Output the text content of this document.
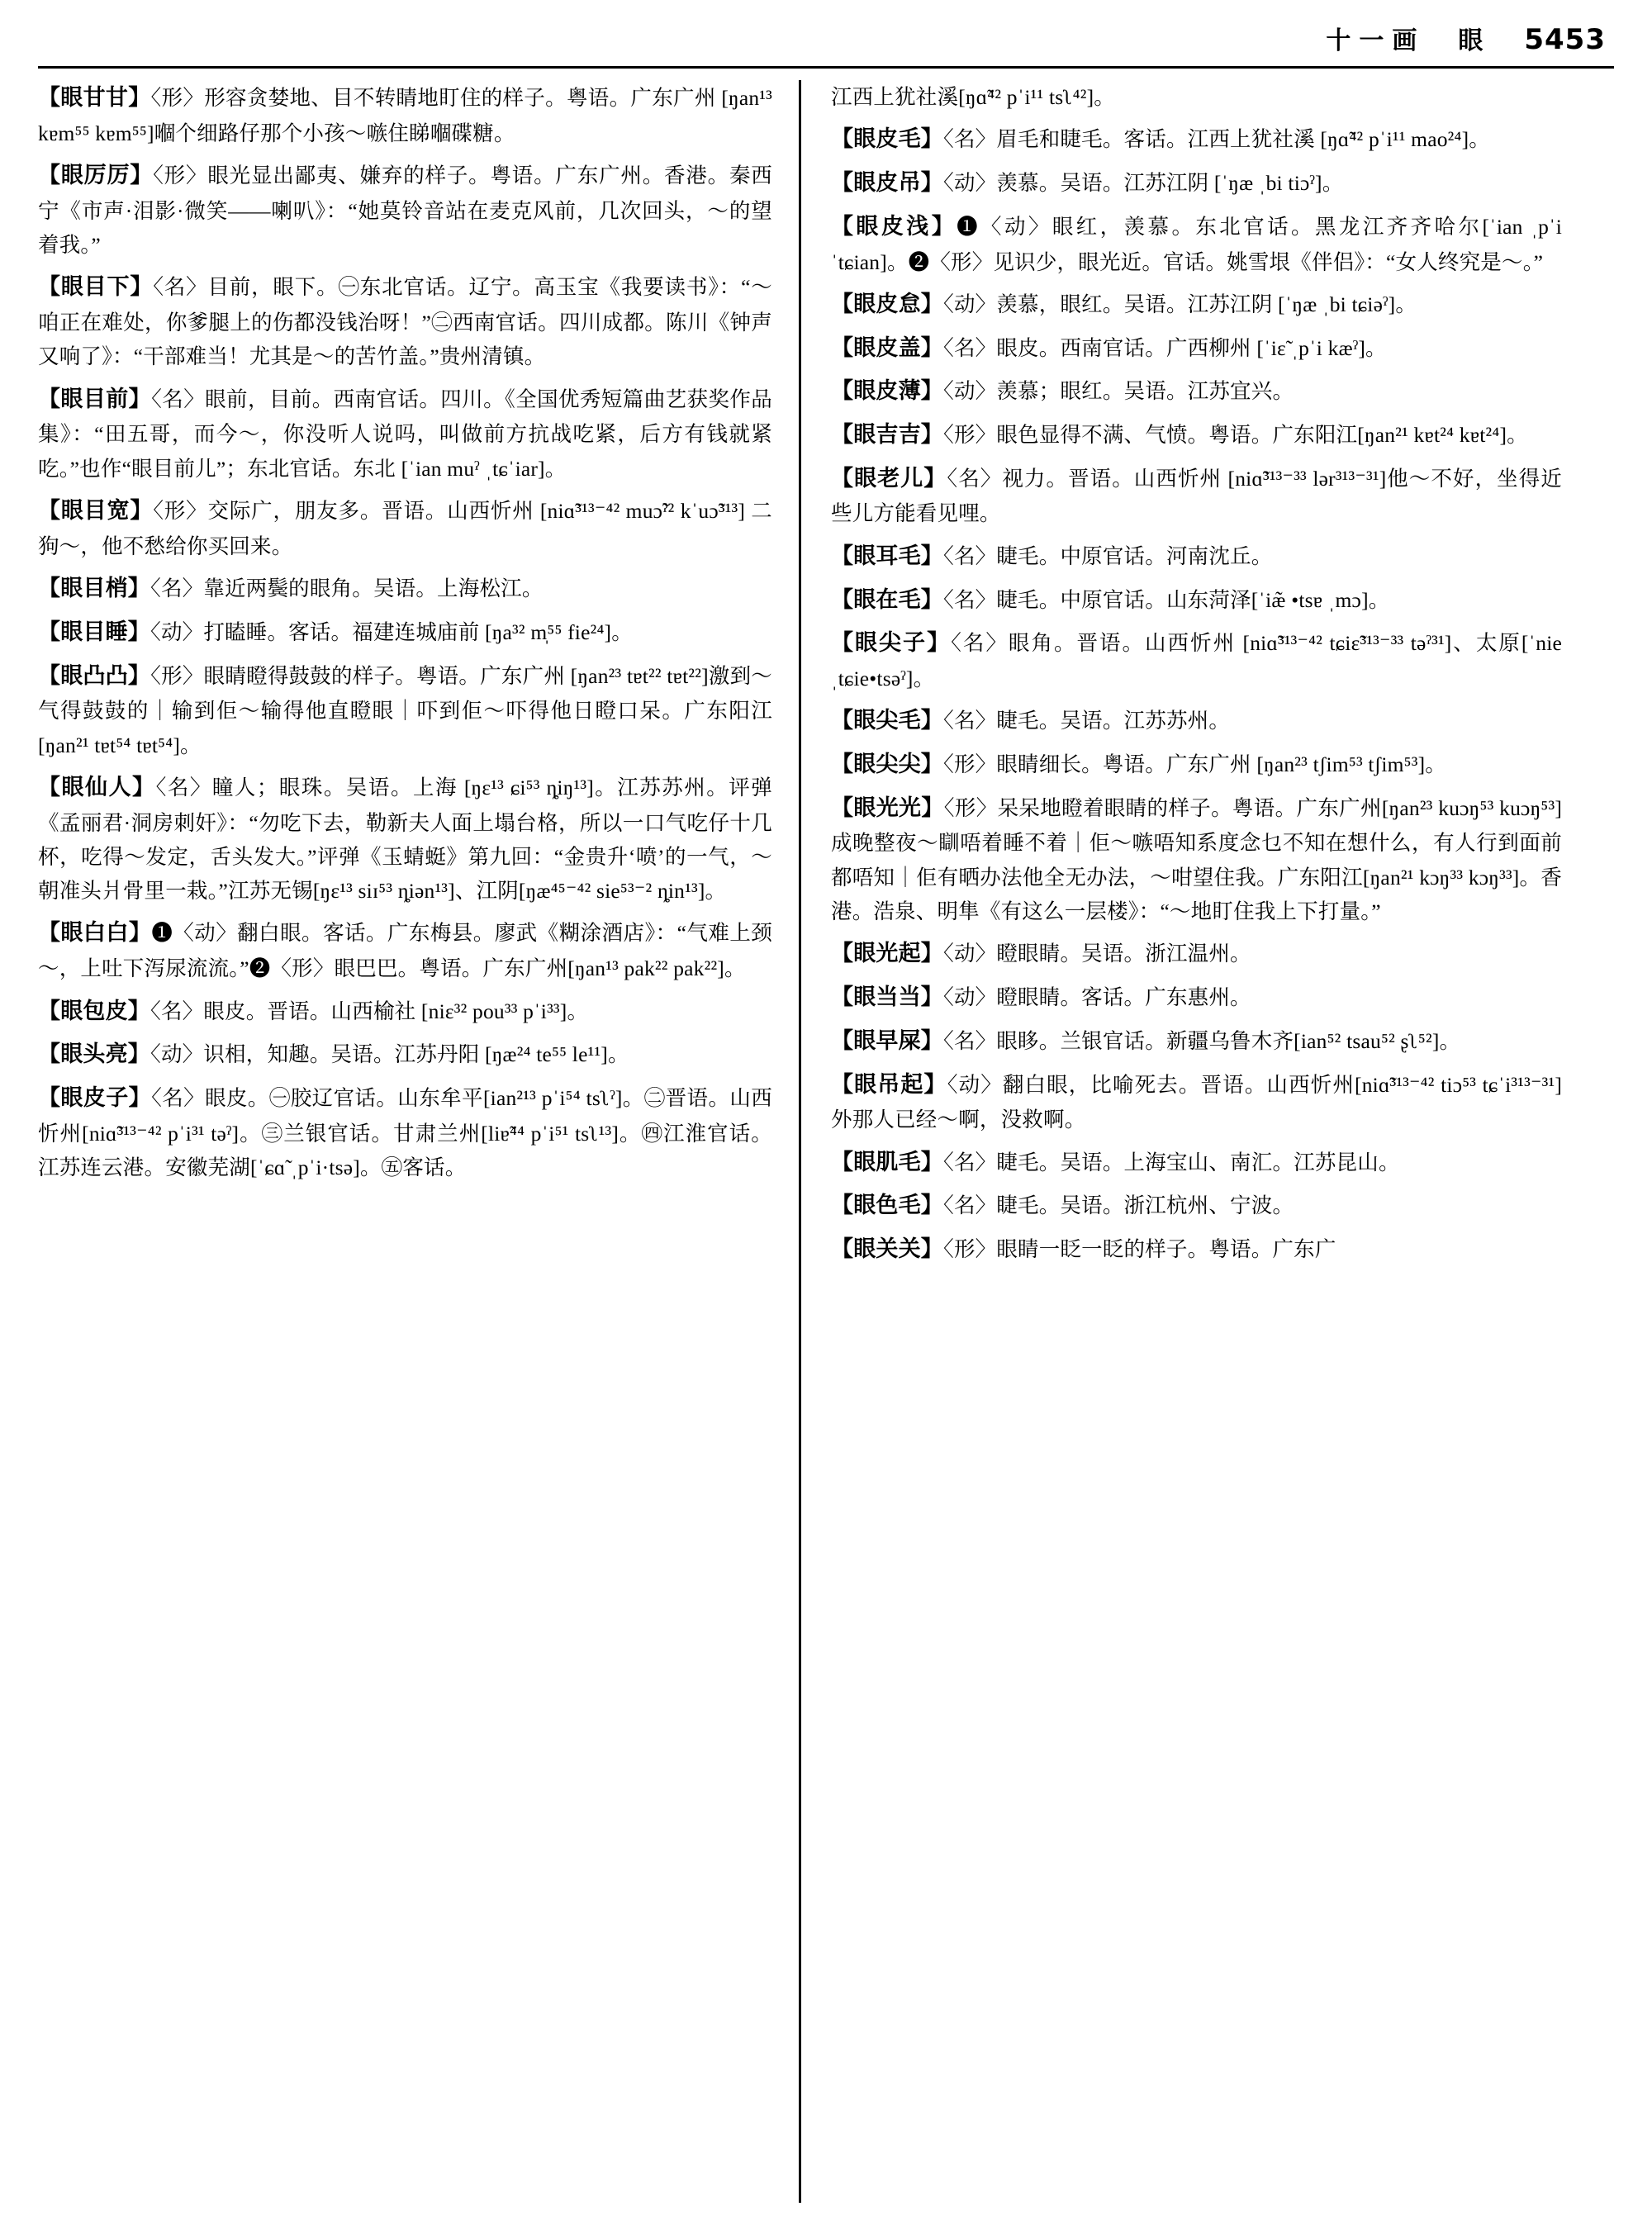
十一画 眼 5453
【眼甘甘】〈形〉形容贪婪地、目不转睛地盯住的样子。粤语。广东广州 [ŋan¹³ kɐm⁵⁵ kɐm⁵⁵]嗰个细路仔那个小孩～嗾住睇嗰碟糖。
【眼厉厉】〈形〉眼光显出鄙夷、嫌弃的样子。粤语。广东广州。香港。秦西宁《市声·泪影·微笑——喇叭》：“她莫铃音站在麦克风前，几次回头，～的望着我。”
【眼目下】〈名〉目前，眼下。㊀东北官话。辽宁。高玉宝《我要读书》：“～咱正在难处，你爹腿上的伤都没钱治呀！”㊁西南官话。四川成都。陈川《钟声又响了》：“干部难当！尤其是～的苦竹盖。”贵州清镇。
【眼目前】〈名〉眼前，目前。西南官话。四川。《全国优秀短篇曲艺获奖作品集》：“田五哥，而今～，你没听人说吗，叫做前方抗战吃紧，后方有钱就紧吃。”也作“眼目前儿”；东北官话。东北 [ˈian muˀ ˌtɕˈiar]。
【眼目宽】〈形〉交际广，朋友多。晋语。山西忻州 [niɑ̃³¹³⁻⁴² muɔ̃ˀ² kˈuɔ̃³¹³] 二狗～，他不愁给你买回来。
【眼目梢】〈名〉靠近两鬓的眼角。吴语。上海松江。
【眼目睡】〈动〉打瞌睡。客话。福建连城庙前 [ŋa³² m̩⁵⁵ fie²⁴]。
【眼凸凸】〈形〉眼睛瞪得鼓鼓的样子。粤语。广东广州 [ŋan²³ tɐt²² tɐt²²]激到～气得鼓鼓的｜输到佢～输得他直瞪眼｜吓到佢～吓得他日瞪口呆。广东阳江 [ŋan²¹ tɐt⁵⁴ tɐt⁵⁴]。
【眼仙人】〈名〉瞳人；眼珠。吴语。上海 [ŋɛ¹³ ɕi⁵³ ȵiŋ¹³]。江苏苏州。评弹《孟丽君·洞房刺奸》：“勿吃下去，勒新夫人面上塌台格，所以一口气吃仔十几杯，吃得～发定，舌头发大。”评弹《玉蜻蜓》第九回：“金贵升‘喷’的一气，～朝准头爿骨里一栽。”江苏无锡[ŋɛ¹³ siɪ⁵³ ȵiən¹³]、江阴[ŋæ⁴⁵⁻⁴² sie⁵³⁻² ȵin¹³]。
【眼白白】❶〈动〉翻白眼。客话。广东梅县。廖武《糊涂酒店》：“气难上颈～，上吐下泻尿流流。”❷〈形〉眼巴巴。粤语。广东广州[ŋan¹³ pak²² pak²²]。
【眼包皮】〈名〉眼皮。晋语。山西榆社 [niɛ³² pou³³ pˈi³³]。
【眼头亮】〈动〉识相，知趣。吴语。江苏丹阳 [ŋæ²⁴ te⁵⁵ le¹¹]。
【眼皮子】〈名〉眼皮。㊀胶辽官话。山东牟平[ian²¹³ pˈi⁵⁴ tsʅˀ]。㊁晋语。山西忻州[niɑ̃³¹³⁻⁴² pˈi³¹ təˀ]。㊂兰银官话。甘肃兰州[liɐ̃⁴⁴ pˈi⁵¹ tsʅ¹³]。㊃江淮官话。江苏连云港。安徽芜湖[ˈɕɑ̃ ˌpˈi·tsə]。㊄客话。
江西上犹社溪[ŋɑ̃⁴² pˈi¹¹ tsʅ⁴²]。
【眼皮毛】〈名〉眉毛和睫毛。客话。江西上犹社溪 [ŋɑ̃⁴² pˈi¹¹ mao²⁴]。
【眼皮吊】〈动〉羡慕。吴语。江苏江阴 [ˈŋæ ˌbi tiɔˀ]。
【眼皮浅】❶〈动〉眼红，羡慕。东北官话。黑龙江齐齐哈尔[ˈian ˌpˈi ˈtɕian]。❷〈形〉见识少，眼光近。官话。姚雪垠《伴侣》：“女人终究是～。”
【眼皮怠】〈动〉羡慕，眼红。吴语。江苏江阴 [ˈŋæ ˌbi tɕiəˀ]。
【眼皮盖】〈名〉眼皮。西南官话。广西柳州 [ˈiɛ̃ ˌpˈi kæˀ]。
【眼皮薄】〈动〉羡慕；眼红。吴语。江苏宜兴。
【眼吉吉】〈形〉眼色显得不满、气愤。粤语。广东阳江[ŋan²¹ kɐt²⁴ kɐt²⁴]。
【眼老儿】〈名〉视力。晋语。山西忻州 [niɑ̃³¹³⁻³³ lər³¹³⁻³¹]他～不好，坐得近些儿方能看见哩。
【眼耳毛】〈名〉睫毛。中原官话。河南沈丘。
【眼在毛】〈名〉睫毛。中原官话。山东菏泽[ˈiæ̃ •tsɐ ˌmɔ]。
【眼尖子】〈名〉眼角。晋语。山西忻州 [niɑ̃³¹³⁻⁴² tɕiɛ̃³¹³⁻³³ təˀ³¹]、太原[ˈnie ˌtɕie•tsəˀ]。
【眼尖毛】〈名〉睫毛。吴语。江苏苏州。
【眼尖尖】〈形〉眼睛细长。粤语。广东广州 [ŋan²³ tʃim⁵³ tʃim⁵³]。
【眼光光】〈形〉呆呆地瞪着眼睛的样子。粤语。广东广州[ŋan²³ kuɔŋ⁵³ kuɔŋ⁵³]成晚整夜～瞓唔着睡不着｜佢～嗾唔知系度念乜不知在想什么，有人行到面前都唔知｜佢有晒办法他全无办法，～咁望住我。广东阳江[ŋan²¹ kɔŋ³³ kɔŋ³³]。香港。浩泉、明隼《有这么一层楼》：“～地盯住我上下打量。”
【眼光起】〈动〉瞪眼睛。吴语。浙江温州。
【眼当当】〈动〉瞪眼睛。客话。广东惠州。
【眼早屎】〈名〉眼眵。兰银官话。新疆乌鲁木齐[ian⁵² tsau⁵² ʂʅ⁵²]。
【眼吊起】〈动〉翻白眼，比喻死去。晋语。山西忻州[niɑ̃³¹³⁻⁴² tiɔ⁵³ tɕˈi³¹³⁻³¹]外那人已经～啊，没救啊。
【眼肌毛】〈名〉睫毛。吴语。上海宝山、南汇。江苏昆山。
【眼色毛】〈名〉睫毛。吴语。浙江杭州、宁波。
【眼关关】〈形〉眼睛一眨一眨的样子。粤语。广东广
